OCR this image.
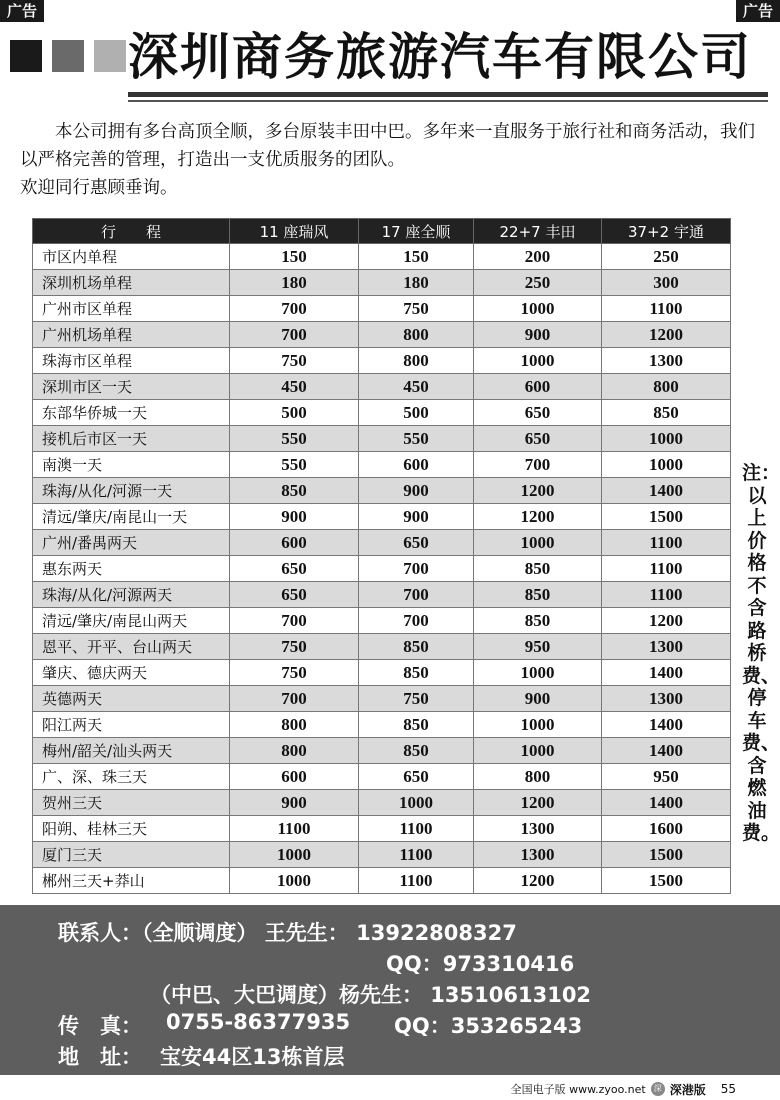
广告	广告
深圳商务旅游汽车有限公司

本公司拥有多台高顶全顺，多台原装丰田中巴。多年来一直服务于旅行社和商务活动，我们以严格完善的管理，打造出一支优质服务的团队。

欢迎同行惠顾垂询。

行　　程	11 座瑞风	17 座全顺	22+7 丰田	37+2 宇通
市区内单程	150	150	200	250
深圳机场单程	180	180	250	300
广州市区单程	700	750	1000	1100
广州机场单程	700	800	900	1200
珠海市区单程	750	800	1000	1300
深圳市区一天	450	450	600	800
东部华侨城一天	500	500	650	850
接机后市区一天	550	550	650	1000
南澳一天	550	600	700	1000
珠海/从化/河源一天	850	900	1200	1400
清远/肇庆/南昆山一天	900	900	1200	1500
广州/番禺两天	600	650	1000	1100
惠东两天	650	700	850	1100
珠海/从化/河源两天	650	700	850	1100
清远/肇庆/南昆山两天	700	700	850	1200
恩平、开平、台山两天	750	850	950	1300
肇庆、德庆两天	750	850	1000	1400
英德两天	700	750	900	1300
阳江两天	800	850	1000	1400
梅州/韶关/汕头两天	800	850	1000	1400
广、深、珠三天	600	650	800	950
贺州三天	900	1000	1200	1400
阳朔、桂林三天	1100	1100	1300	1600
厦门三天	1000	1100	1300	1500
郴州三天+莽山	1000	1100	1200	1500
注：以上价格不含路桥费、停车费、含燃油费。
联系人：（全顺调度） 王先生： 13922808327
QQ：973310416
（中巴、大巴调度）杨先生： 13510613102
传　真： 0755-86377935 QQ：353265243
地　址： 宝安44区13栋首层
全国电子版 www.zyoo.net	深 深港版 55
